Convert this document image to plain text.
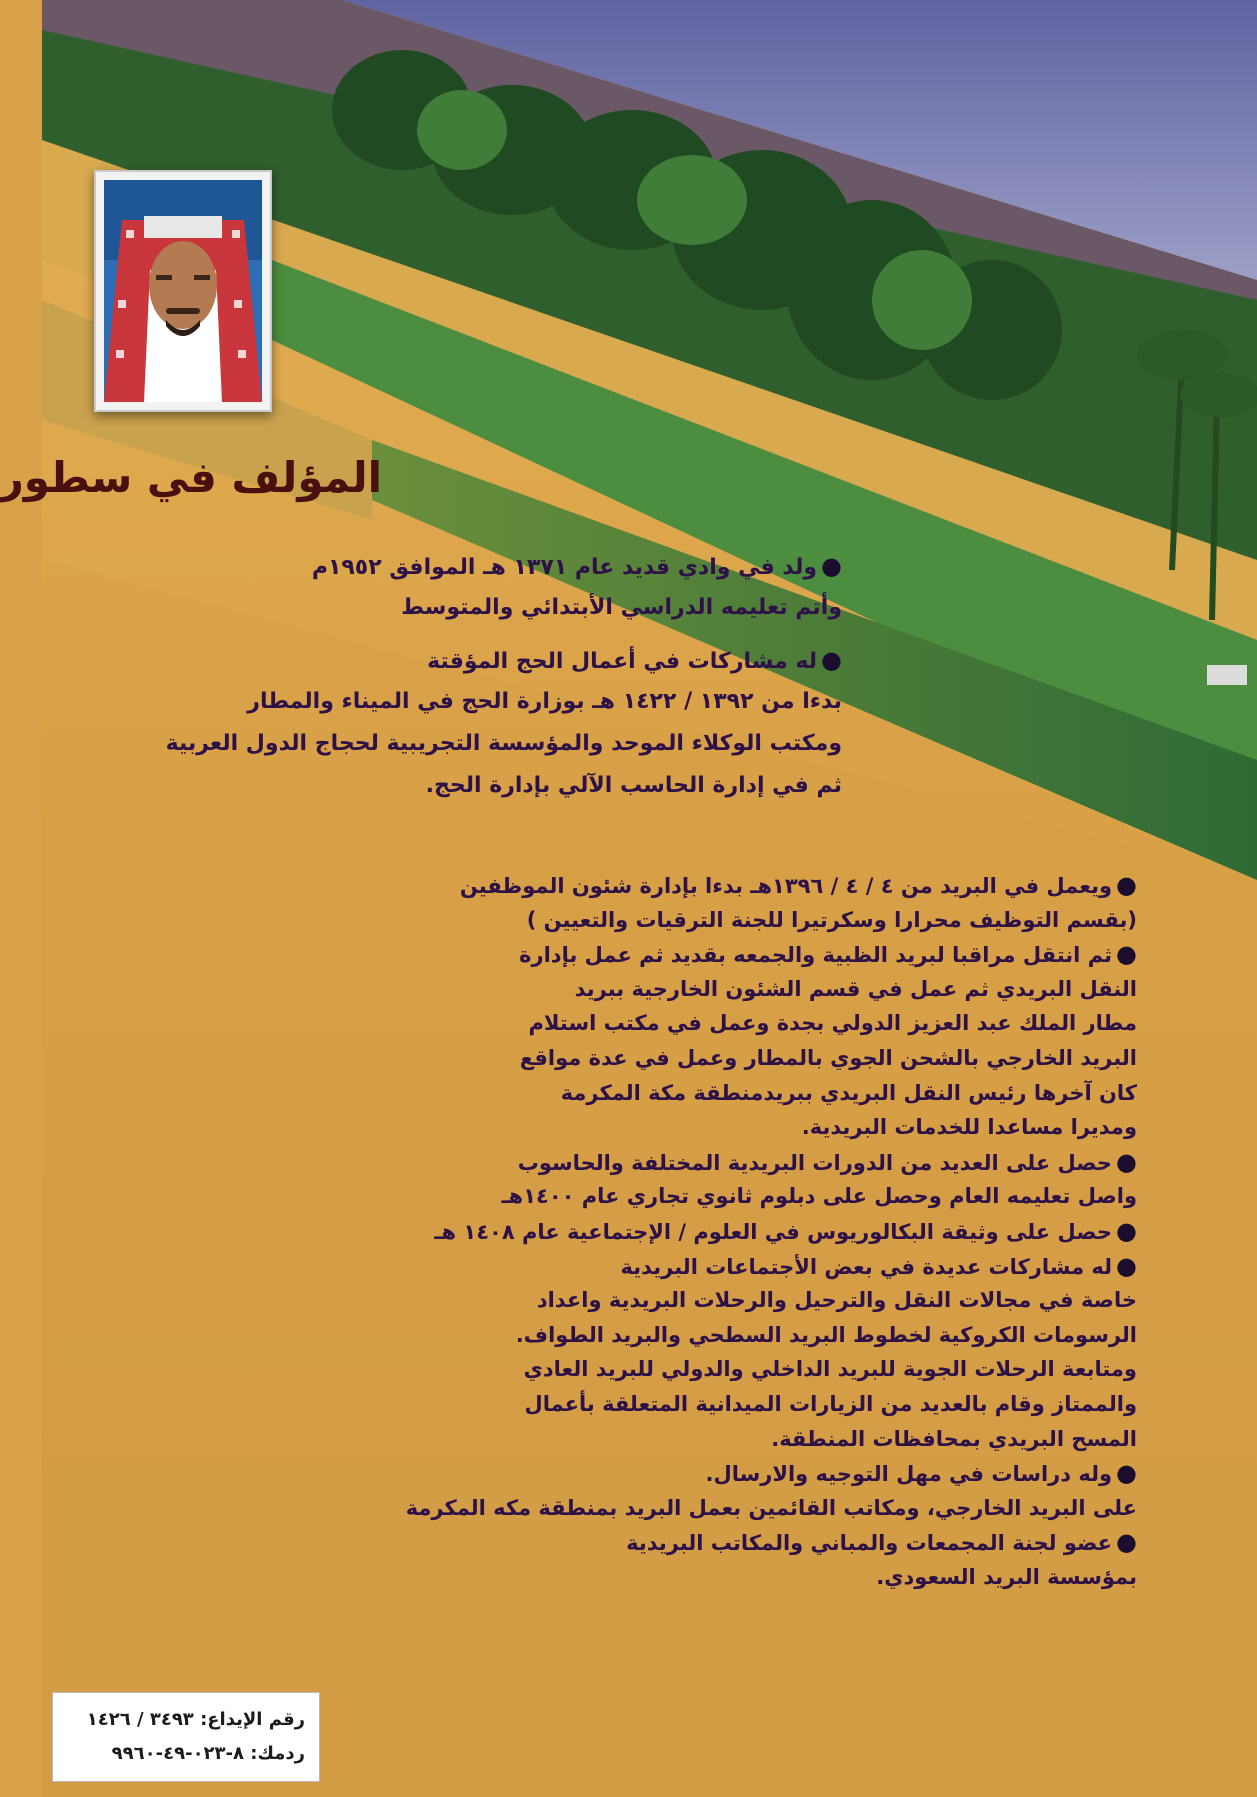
المؤلف في سطور

●ولد في وادي قديد عام ١٣٧١ هـ الموافق ١٩٥٢م

وأتم تعليمه الدراسي الأبتدائي والمتوسط

●له مشاركات في أعمال الحج المؤقتة

بدءا من ١٣٩٢ / ١٤٢٢ هـ بوزارة الحج في الميناء والمطار

ومكتب الوكلاء الموحد والمؤسسة التجريبية لحجاج الدول العربية

ثم في إدارة الحاسب الآلي بإدارة الحج.

●ويعمل في البريد من ٤ / ٤ / ١٣٩٦هـ بدءا بإدارة شئون الموظفين

(بقسم التوظيف محرارا وسكرتيرا للجنة الترقيات والتعيين )

●ثم انتقل مراقبا لبريد الظبية والجمعه بقديد ثم عمل بإدارة

النقل البريدي ثم عمل في قسم الشئون الخارجية ببريد

مطار الملك عبد العزيز الدولي بجدة وعمل في مكتب استلام

البريد الخارجي بالشحن الجوي بالمطار وعمل في عدة مواقع

كان آخرها رئيس النقل البريدي ببريدمنطقة مكة المكرمة

ومديرا مساعدا للخدمات البريدية.

●حصل على العديد من الدورات البريدية المختلفة والحاسوب

واصل تعليمه العام وحصل على دبلوم ثانوي تجاري عام ١٤٠٠هـ

●حصل على وثيقة البكالوريوس في العلوم / الإجتماعية عام ١٤٠٨ هـ

●له مشاركات عديدة في بعض الأجتماعات البريدية

خاصة في مجالات النقل والترحيل والرحلات البريدية واعداد

الرسومات الكروكية لخطوط البريد السطحي والبريد الطواف.

ومتابعة الرحلات الجوية للبريد الداخلي والدولي للبريد العادي

والممتاز وقام بالعديد من الزيارات الميدانية المتعلقة بأعمال

المسح البريدي بمحافظات المنطقة.

●وله دراسات في مهل التوجيه والارسال.

على البريد الخارجي، ومكاتب القائمين بعمل البريد بمنطقة مكه المكرمة

●عضو لجنة المجمعات والمباني والمكاتب البريدية

بمؤسسة البريد السعودي.

رقم الإيداع: ٣٤٩٣ / ١٤٢٦
ردمك: ٨-٠٢٣-٤٩-٩٩٦٠
